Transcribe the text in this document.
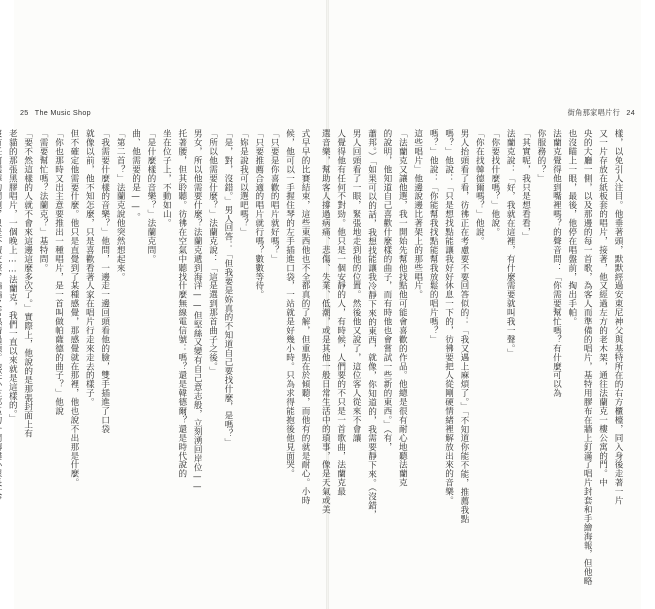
25 The Music Shop	街角那家唱片行 24
式早早的比賽結束，這些東西他也不全都真的了解，但重點在於傾聽，而他有的就是耐心。小時
候，他可以一手握住琴的左手插進口袋，一站就是好幾小時。只為求得能抱後他見面哭。
「只要是你喜歡的唱片就好嗎？」
「只要推薦合適的唱片就行嗎？數數等待。
「妳是說我可以選吧嗎？」
「是，對，沒錯。」男人回答：「但我要是妳真的不知道自己要找什麼，是嗎？」
「所以他需要什麼？」法蘭克說：「這是選到那首曲子之後。」
男女，所以他需要什麼？法蘭克遞到海洋——但堅絲又變有自己意志般，立刻湧回岸位——
托著腰，但其聆聽。彷彿在空氣中聽找什麼無線電信號：嗎？還是韓德爾？還是時代說的
坐在位子上，不動如山。
「是什麼樣的音樂？」法蘭克問。
曲、他需要的是——。
「第二首？」法蘭克說他突然想起來。
「我需要什麼樣的音樂？」他問，一邊走一邊回頭看他的臉，雙手插進了口袋
就像以前，他不知怎麼，只是喜歡看著人家在唱片行走來走去的樣子。
但不確定他需要什麼。他只是直覺到了某種感覺，那感覺就在那裡，他也說不出那是什麼。
「你也那時又出主意要推出一種唱片，是一首叫做帕薩德的曲子？」他說
「需要幫忙嗎？法蘭克？」基特問。
「要不然這樣的人就不會來這邊這麼多次了。」實際上，他說的是那張封面上有
老貓的那張黑膠唱片，一個晚上……法蘭克，我們一直以來就是這樣的。」	樣，以免引人注目。他垂著頭，默默經過安東尼神父與基特所在的右方櫃檯，同入身後走著一片
又一片存放在紙板套的唱片，接著，他又經過左方的老木架，通往法蘭克一樓公寓的門。中
央的大廳一側，以及那邊的每一首歌，為客人而準備的唱片，基特用膠布在牆上釘滿了唱片封套和手繪海報，但他略
也沒瞄上一眼，最後，他停在唱盤前，掏出手帕。
法蘭克覺得他到嘴裡嗎？的聲音問：「你需要幫忙嗎？有什麼可以為
你服務的？」
「其實呢，我只是想看看，」
法蘭克說：「好，我就在這裡，有什麼需要就叫我一聲。」
「你要找什麼嗎？」他說。
「你在找韓德爾嗎？」他說。
男人抬頭看了看，彷彿正在考慮要不要回答似的：「我又遇上麻煩了。」「不知道你能不能，推薦我點
嗎？」他說：「只是想找點能讓我好好休息一下的，彷彿要把人從剛硬情緒裡解放出來的音樂。
嗎？」他說：「你能幫我找點能幫我放鬆的唱片嗎？」
這些唱片」他邊說邊比著架上的那些唱片。
「法蘭克又讓他選，我一開始先幫他找點他可能會喜歡的作品。他總是很有耐心地聽法蘭克
的說明，他知道自己喜歡什麼樣的曲子，而有時他也會嘗試一些新的東西。」（有，
蕭邦。）「如果可以的話，我想找能讓我冷靜下來的東西，就像，你知道的，我需要靜下來。（沒錯，
男人回頭看了一眼，緊張地走到他的位置。然後他又說了，這位客人從來不會讓
人覺得他有任何不對勁。他只是一個安靜的人，有時候，人們要的不只是一首歌曲，法蘭克最
選音樂，幫助客人撐過病痛、悲傷、失業、低潮，或是其他一般日常生活中的瑣事，像是天氣或美
